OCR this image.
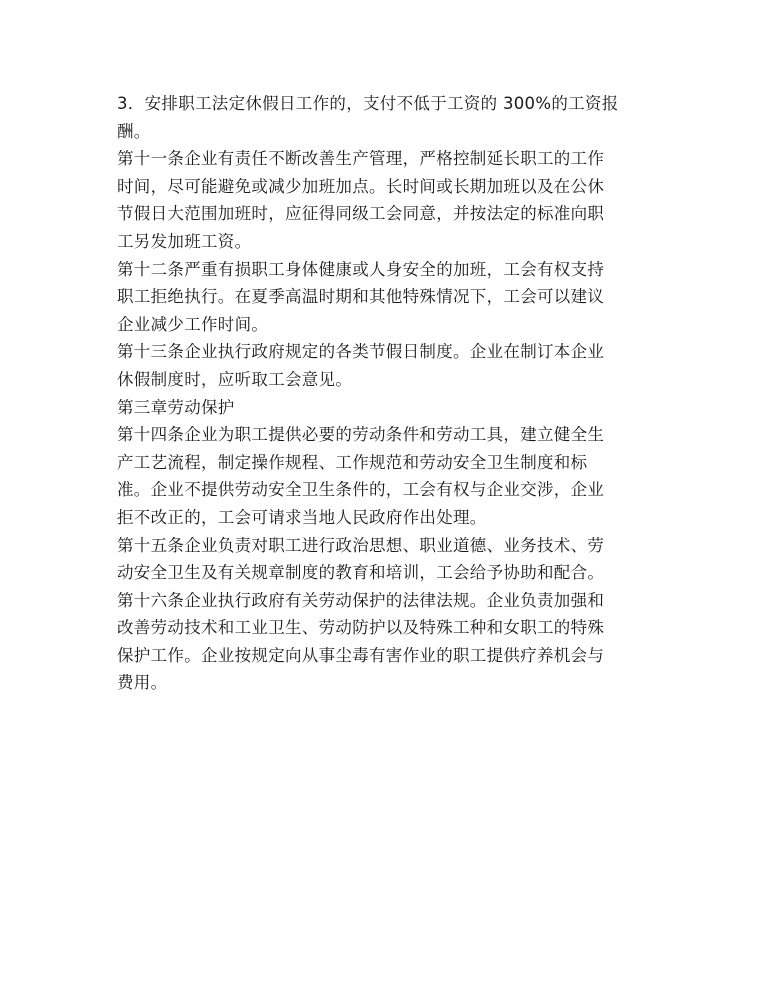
3．安排职工法定休假日工作的，支付不低于工资的 300%的工资报
酬。
第十一条企业有责任不断改善生产管理，严格控制延长职工的工作
时间，尽可能避免或减少加班加点。长时间或长期加班以及在公休
节假日大范围加班时，应征得同级工会同意，并按法定的标准向职
工另发加班工资。
第十二条严重有损职工身体健康或人身安全的加班，工会有权支持
职工拒绝执行。在夏季高温时期和其他特殊情况下，工会可以建议
企业减少工作时间。
第十三条企业执行政府规定的各类节假日制度。企业在制订本企业
休假制度时，应听取工会意见。
第三章劳动保护
第十四条企业为职工提供必要的劳动条件和劳动工具，建立健全生
产工艺流程，制定操作规程、工作规范和劳动安全卫生制度和标
准。企业不提供劳动安全卫生条件的，工会有权与企业交涉，企业
拒不改正的，工会可请求当地人民政府作出处理。
第十五条企业负责对职工进行政治思想、职业道德、业务技术、劳
动安全卫生及有关规章制度的教育和培训，工会给予协助和配合。
第十六条企业执行政府有关劳动保护的法律法规。企业负责加强和
改善劳动技术和工业卫生、劳动防护以及特殊工种和女职工的特殊
保护工作。企业按规定向从事尘毒有害作业的职工提供疗养机会与
费用。
